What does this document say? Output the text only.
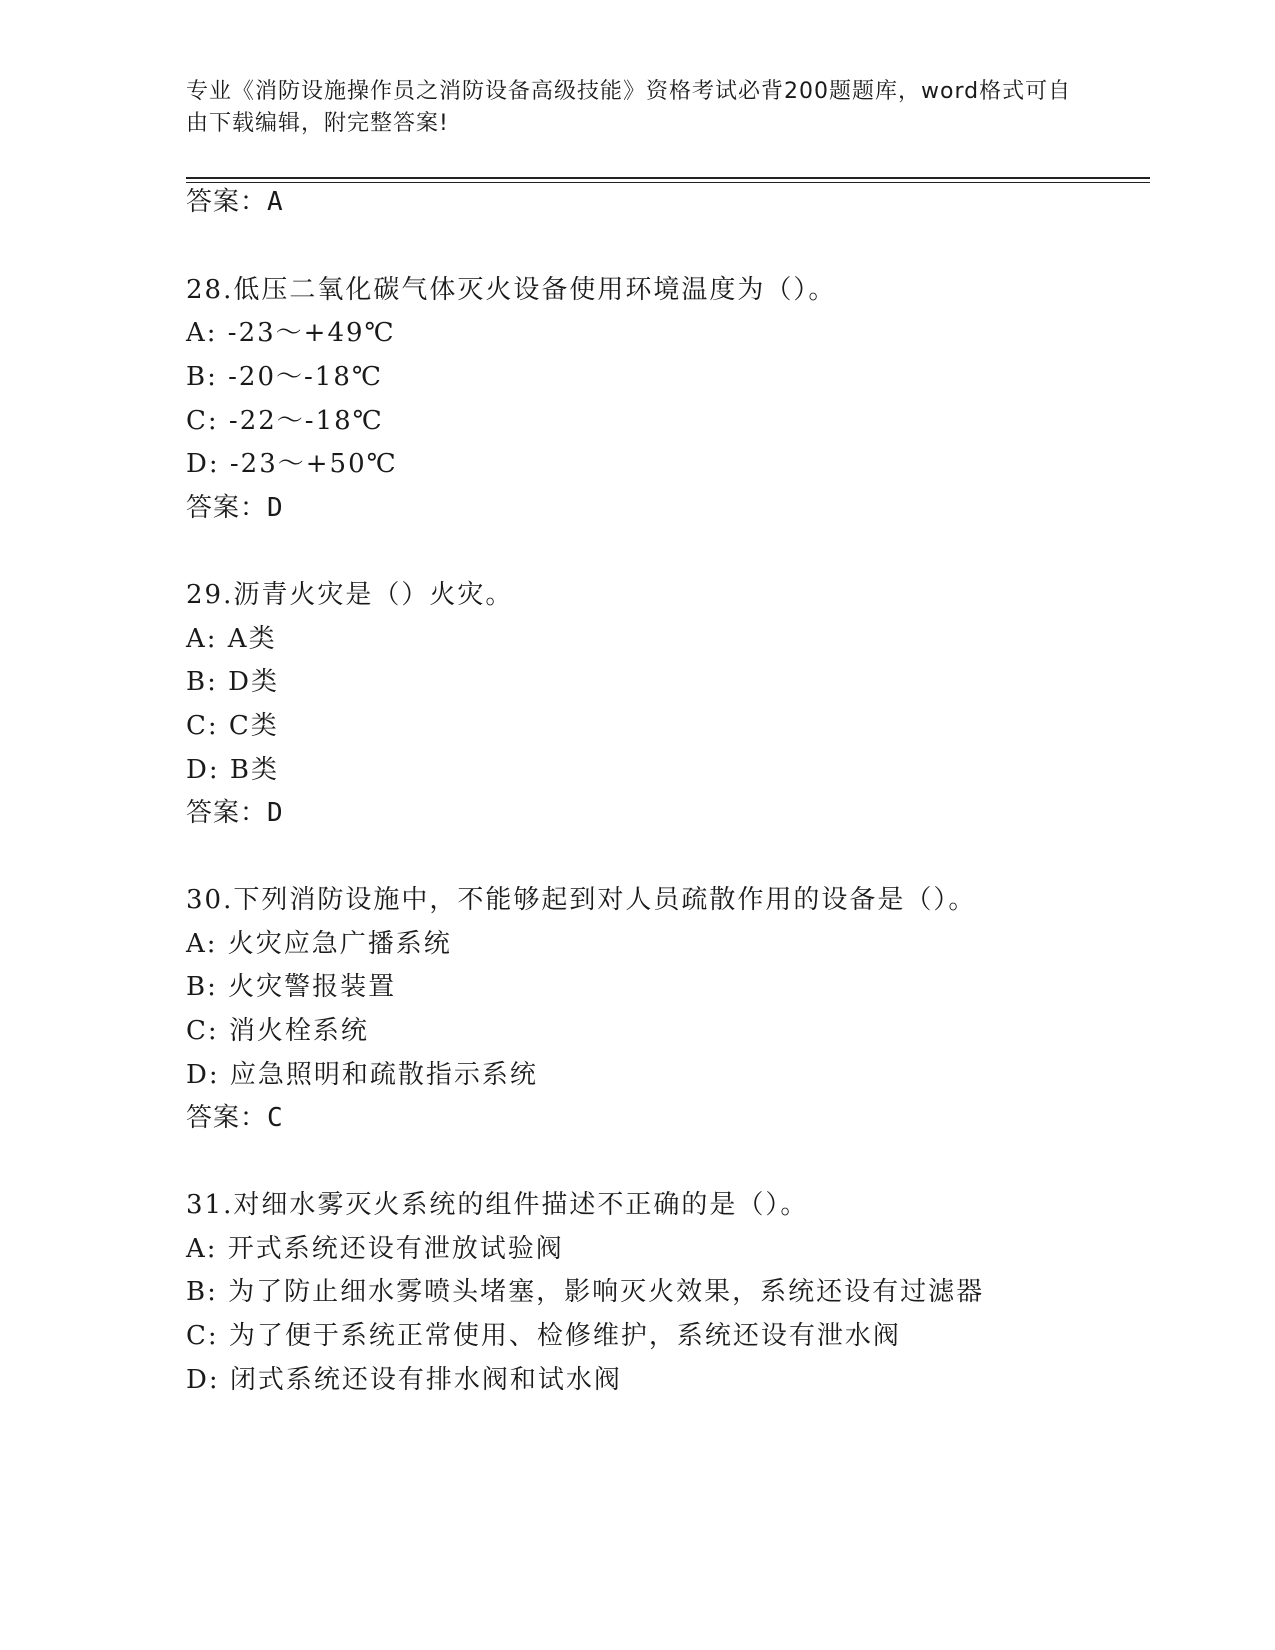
专业《消防设施操作员之消防设备高级技能》资格考试必背200题题库，word格式可自由下载编辑，附完整答案!
答案：A
28.低压二氧化碳气体灭火设备使用环境温度为（）。
A: -23～+49℃
B: -20～-18℃
C: -22～-18℃
D: -23～+50℃
答案：D
29.沥青火灾是（）火灾。
A: A类
B: D类
C: C类
D: B类
答案：D
30.下列消防设施中，不能够起到对人员疏散作用的设备是（）。
A: 火灾应急广播系统
B: 火灾警报装置
C: 消火栓系统
D: 应急照明和疏散指示系统
答案：C
31.对细水雾灭火系统的组件描述不正确的是（）。
A: 开式系统还设有泄放试验阀
B: 为了防止细水雾喷头堵塞，影响灭火效果，系统还设有过滤器
C: 为了便于系统正常使用、检修维护，系统还设有泄水阀
D: 闭式系统还设有排水阀和试水阀
